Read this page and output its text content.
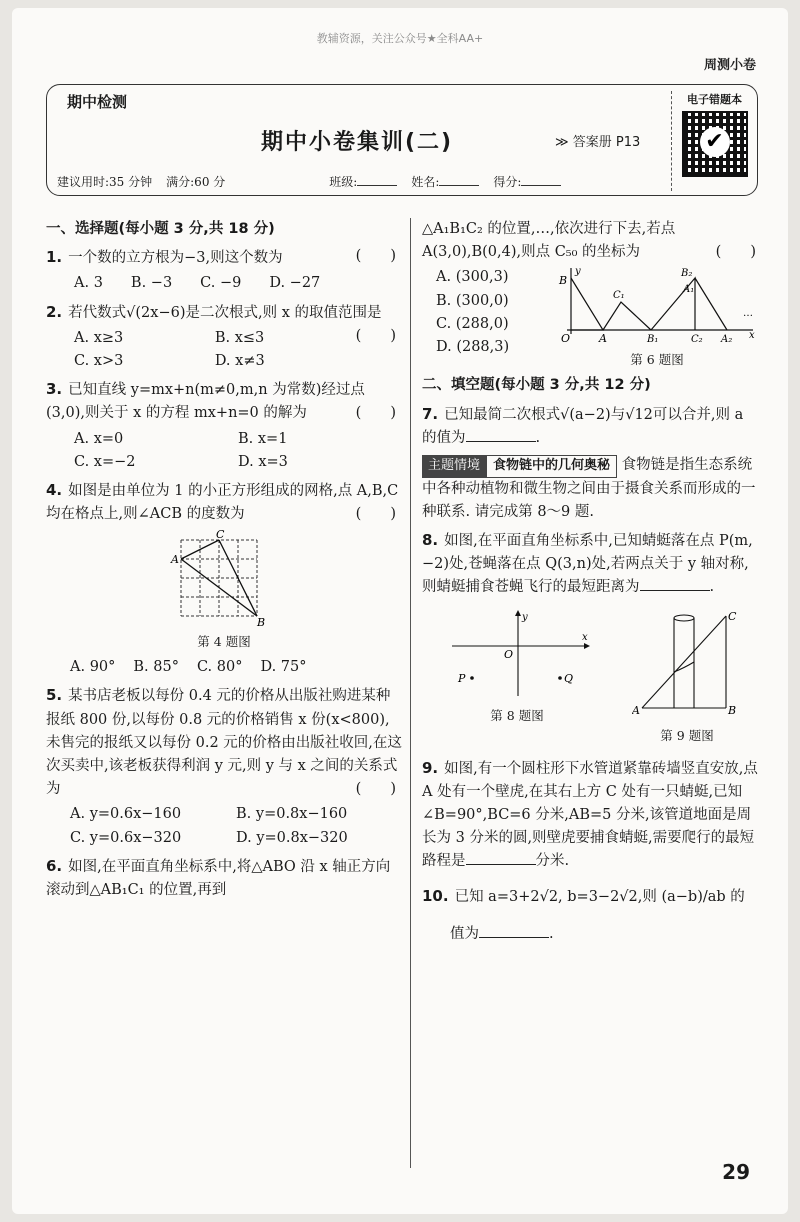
教辅资源，关注公众号★全科AA+
周测小卷
期中检测
期中小卷集训(二)	≫ 答案册 P13
建议用时:35 分钟 满分:60 分	班级:	姓名:	得分:
电子错题本
✔
一、选择题(每小题 3 分,共 18 分)
1. 一个数的立方根为−3,则这个数为	(　　)
A. 3 B. −3 C. −9 D. −27
2. 若代数式√(2x−6)是二次根式,则 x 的取值范围是
(　　)
A. x≥3	B. x≤3
C. x>3	D. x≠3
3. 已知直线 y=mx+n(m≠0,m,n 为常数)经过点(3,0),则关于 x 的方程 mx+n=0 的解为	(　　)
A. x=0	B. x=1
C. x=−2	D. x=3
4. 如图是由单位为 1 的小正方形组成的网格,点 A,B,C 均在格点上,则∠ACB 的度数为	(　　)
A
C
B
第 4 题图
A. 90° B. 85° C. 80° D. 75°
5. 某书店老板以每份 0.4 元的价格从出版社购进某种报纸 800 份,以每份 0.8 元的价格销售 x 份(x<800),未售完的报纸又以每份 0.2 元的价格由出版社收回,在这次买卖中,该老板获得利润 y 元,则 y 与 x 之间的关系式为	(　　)
A. y=0.6x−160	B. y=0.8x−160
C. y=0.6x−320	D. y=0.8x−320
6. 如图,在平面直角坐标系中,将△ABO 沿 x 轴正方向滚动到△AB₁C₁ 的位置,再到
△A₁B₁C₂ 的位置,…,依次进行下去,若点 A(3,0),B(0,4),则点 C₅₀ 的坐标为	(　　)
A. (300,3)
B. (300,0)
C. (288,0)
D. (288,3)
B
y
O	A
C₁
B₁
B₂
A₁
C₂ A₂
…
x
第 6 题图
二、填空题(每小题 3 分,共 12 分)
7. 已知最简二次根式√(a−2)与√12可以合并,则 a 的值为	.
主题情境 食物链中的几何奥秘 食物链是指生态系统中各种动植物和微生物之间由于摄食关系而形成的一种联系. 请完成第 8～9 题.
8. 如图,在平面直角坐标系中,已知蜻蜓落在点 P(m,−2)处,苍蝇落在点 Q(3,n)处,若两点关于 y 轴对称,则蜻蜓捕食苍蝇飞行的最短距离为	.
y
x
O
P	Q
第 8 题图	A	B
C
第 9 题图
9. 如图,有一个圆柱形下水管道紧靠砖墙竖直安放,点 A 处有一个壁虎,在其右上方 C 处有一只蜻蜓,已知∠B=90°,BC=6 分米,AB=5 分米,该管道地面是周长为 3 分米的圆,则壁虎要捕食蜻蜓,需要爬行的最短路程是	分米.
10. 已知 a=3+2√2, b=3−2√2,则 (a−b)/ab 的
值为	.
29
